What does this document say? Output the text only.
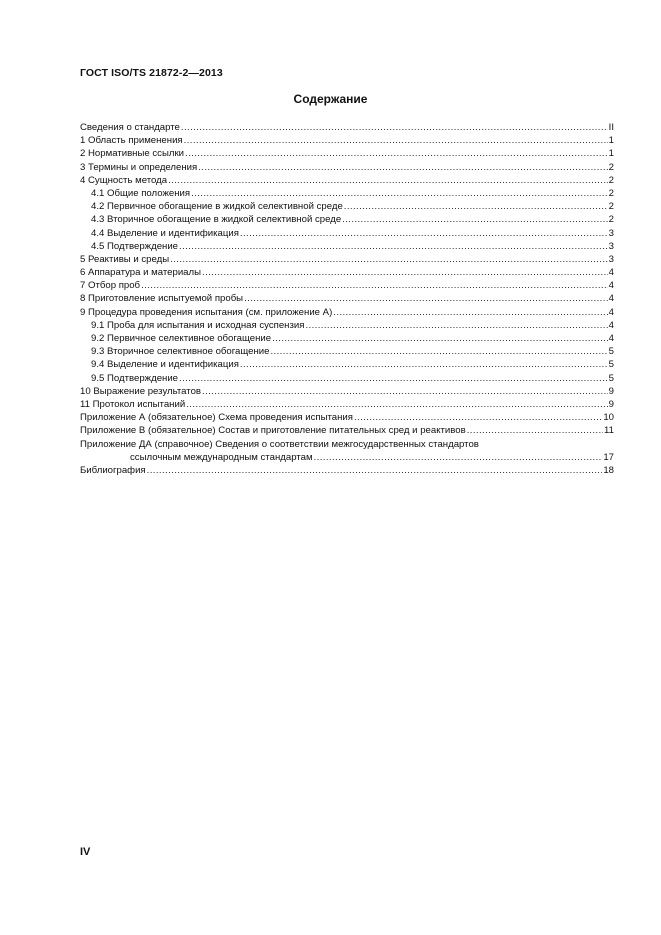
ГОСТ ISO/TS 21872-2—2013
Содержание
Сведения о стандарте .....	II
1 Область применения .....	1
2 Нормативные ссылки .....	1
3 Термины и определения .....	2
4 Сущность метода .....	2
4.1 Общие положения .....	2
4.2 Первичное обогащение в жидкой селективной среде .....	2
4.3 Вторичное обогащение в жидкой селективной среде .....	2
4.4 Выделение и идентификация .....	3
4.5 Подтверждение .....	3
5 Реактивы и среды .....	3
6 Аппаратура и материалы .....	4
7 Отбор проб .....	4
8 Приготовление испытуемой пробы .....	4
9 Процедура проведения испытания (см. приложение А) .....	4
9.1 Проба для испытания и исходная суспензия .....	4
9.2 Первичное селективное обогащение .....	4
9.3 Вторичное селективное обогащение .....	5
9.4 Выделение и идентификация .....	5
9.5 Подтверждение .....	5
10 Выражение результатов .....	9
11 Протокол испытаний .....	9
Приложение А (обязательное) Схема проведения испытания .....	10
Приложение В (обязательное) Состав и приготовление питательных сред и реактивов .....	11
Приложение ДА (справочное) Сведения о соответствии межгосударственных стандартов
ссылочным международным стандартам .....	17
Библиография .....	18
IV
